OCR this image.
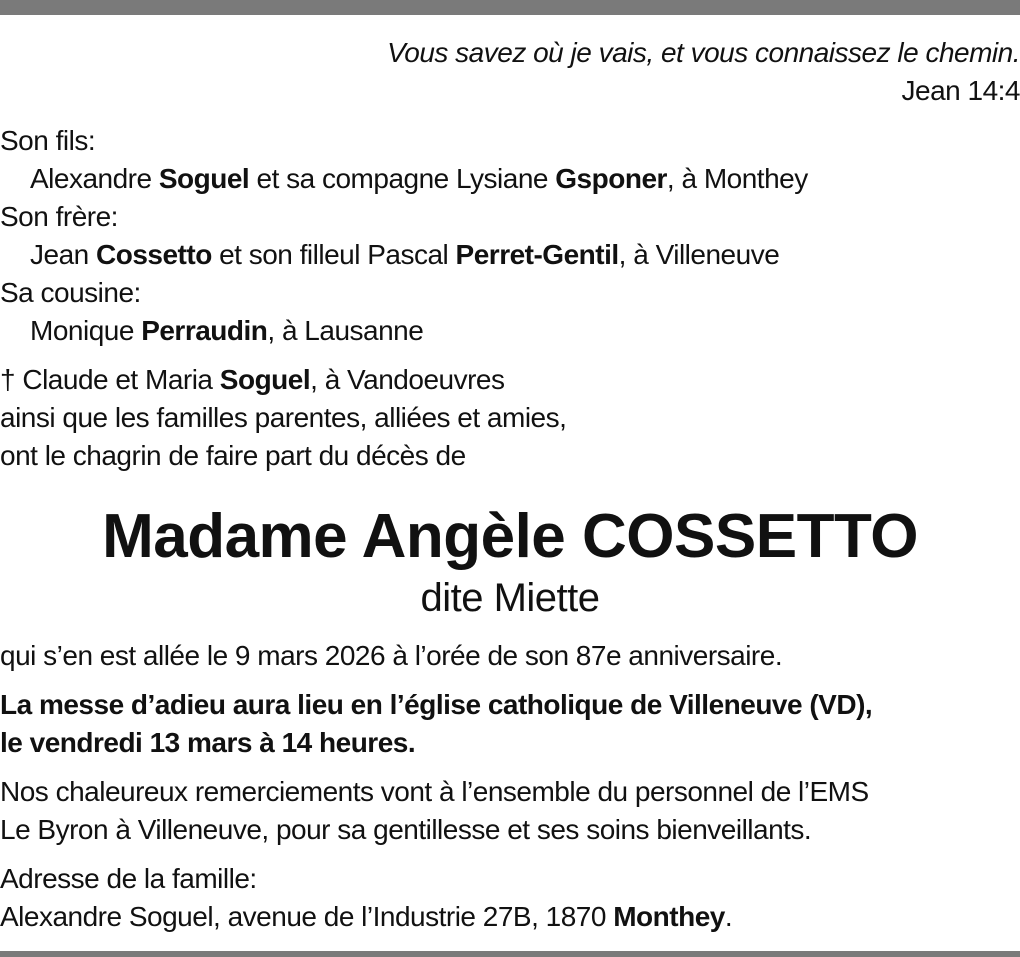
Vous savez où je vais, et vous connaissez le chemin.
Jean 14:4
Son fils:
Alexandre Soguel et sa compagne Lysiane Gsponer, à Monthey
Son frère:
Jean Cossetto et son filleul Pascal Perret-Gentil, à Villeneuve
Sa cousine:
Monique Perraudin, à Lausanne
† Claude et Maria Soguel, à Vandoeuvres
ainsi que les familles parentes, alliées et amies,
ont le chagrin de faire part du décès de
Madame Angèle COSSETTO
dite Miette
qui s’en est allée le 9 mars 2026 à l’orée de son 87e anniversaire.
La messe d’adieu aura lieu en l’église catholique de Villeneuve (VD),
le vendredi 13 mars à 14 heures.
Nos chaleureux remerciements vont à l’ensemble du personnel de l’EMS
Le Byron à Villeneuve, pour sa gentillesse et ses soins bienveillants.
Adresse de la famille:
Alexandre Soguel, avenue de l’Industrie 27B, 1870 Monthey.
